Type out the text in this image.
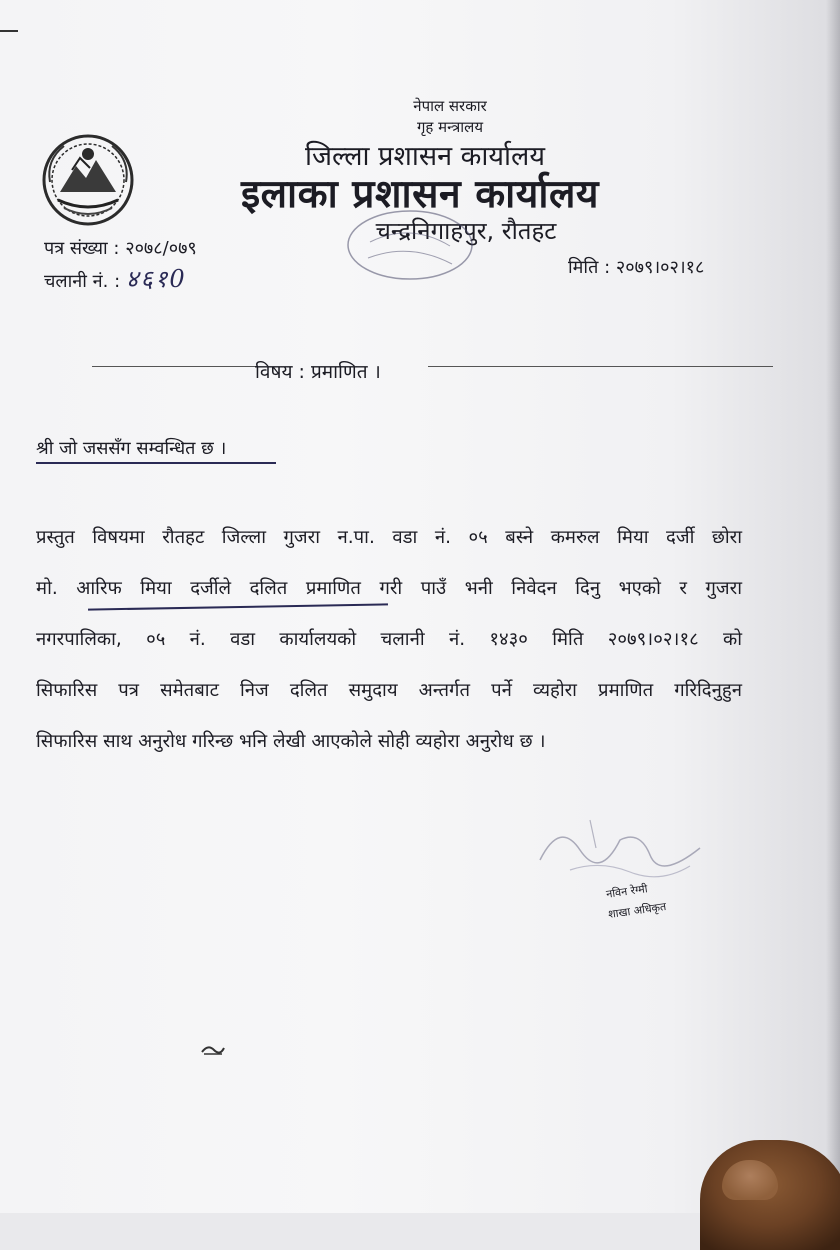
नेपाल सरकार
गृह मन्त्रालय
जिल्ला प्रशासन कार्यालय
इलाका प्रशासन कार्यालय
चन्द्रनिगाहपुर, रौतहट
पत्र संख्या : २०७८/०७९
चलानी नं. : ४६१0	मिति : २०७९।०२।१८
विषय : प्रमाणित ।
श्री जो जससँग सम्वन्धित छ ।
प्रस्तुत विषयमा रौतहट जिल्ला गुजरा न.पा. वडा नं. ०५ बस्ने कमरुल मिया दर्जी छोरा
मो. आरिफ मिया दर्जीले दलित प्रमाणित गरी पाउँ भनी निवेदन दिनु भएको र गुजरा
नगरपालिका, ०५ नं. वडा कार्यालयको चलानी नं. १४३० मिति २०७९।०२।१८ को
सिफारिस पत्र समेतबाट निज दलित समुदाय अन्तर्गत पर्ने व्यहोरा प्रमाणित गरिदिनुहुन
सिफारिस साथ अनुरोध गरिन्छ भनि लेखी आएकोले सोही व्यहोरा अनुरोध छ ।
नविन रेग्मी
शाखा अधिकृत
